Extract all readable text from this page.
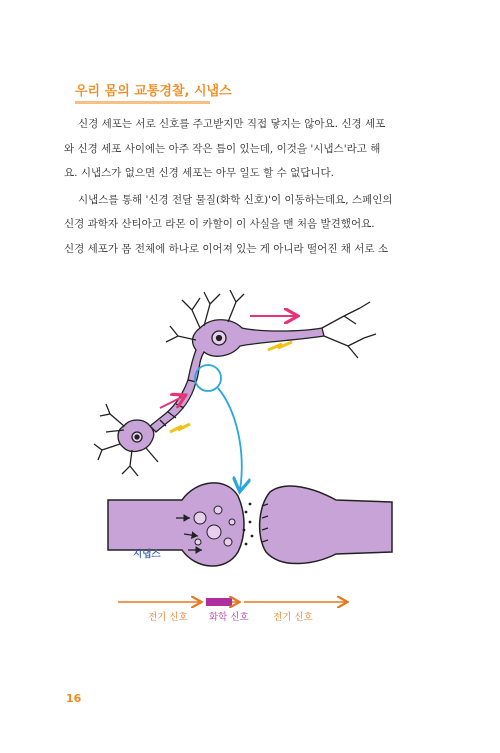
우리 몸의 교통경찰, 시냅스

신경 세포는 서로 신호를 주고받지만 직접 닿지는 않아요. 신경 세포

와 신경 세포 사이에는 아주 작은 틈이 있는데, 이것을 '시냅스'라고 해

요. 시냅스가 없으면 신경 세포는 아무 일도 할 수 없답니다.

시냅스를 통해 '신경 전달 물질(화학 신호)'이 이동하는데요, 스페인의

신경 과학자 산티아고 라몬 이 카할이 이 사실을 맨 처음 발견했어요.

신경 세포가 몸 전체에 하나로 이어져 있는 게 아니라 떨어진 채 서로 소

시냅스
전기 신호 화학 신호	전기 신호
16
